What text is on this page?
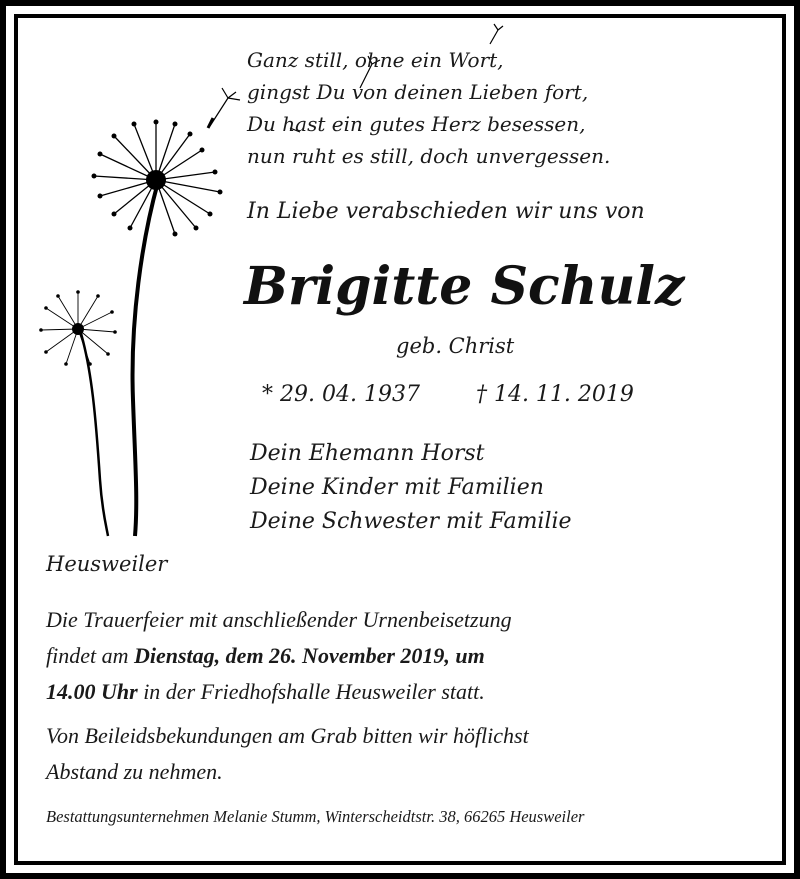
Ganz still, ohne ein Wort,
gingst Du von deinen Lieben fort,
Du hast ein gutes Herz besessen,
nun ruht es still, doch unvergessen.
In Liebe verabschieden wir uns von
Brigitte Schulz
geb. Christ
* 29. 04. 1937	† 14. 11. 2019
Dein Ehemann Horst
Deine Kinder mit Familien
Deine Schwester mit Familie
Heusweiler
Die Trauerfeier mit anschließender Urnenbeisetzung
findet am Dienstag, dem 26. November 2019, um
14.00 Uhr in der Friedhofshalle Heusweiler statt.
Von Beileidsbekundungen am Grab bitten wir höflichst
Abstand zu nehmen.
Bestattungsunternehmen Melanie Stumm, Winterscheidtstr. 38, 66265 Heusweiler
